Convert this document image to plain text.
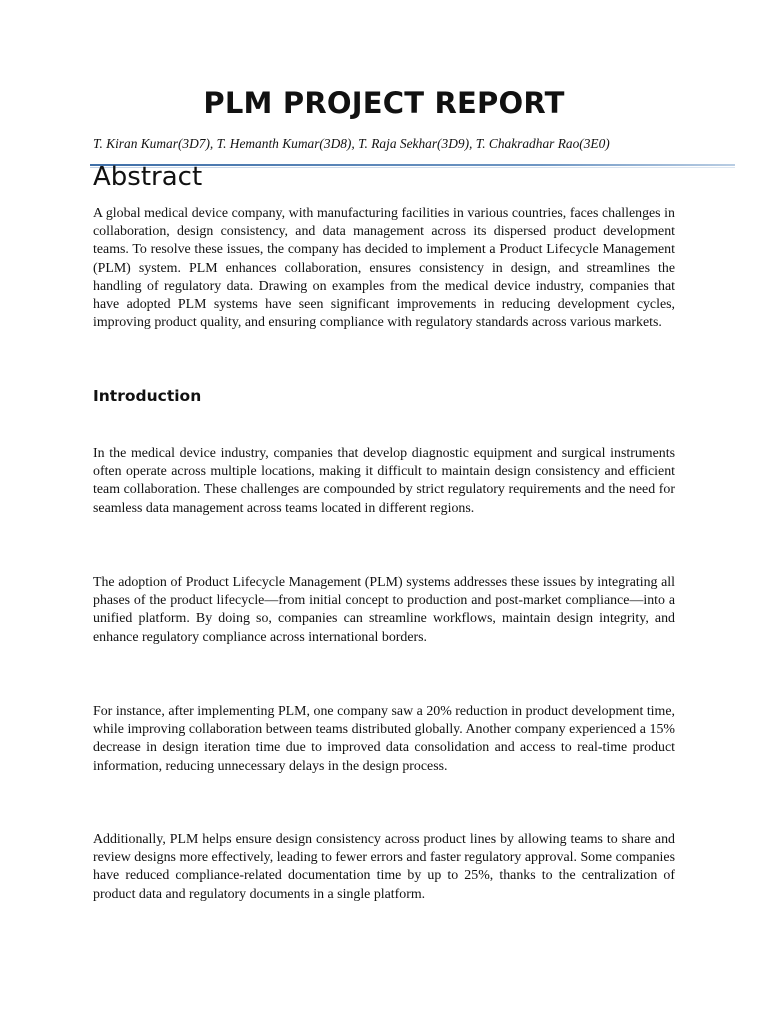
PLM PROJECT REPORT

T. Kiran Kumar(3D7), T. Hemanth Kumar(3D8), T. Raja Sekhar(3D9), T. Chakradhar Rao(3E0)

Abstract

A global medical device company, with manufacturing facilities in various countries, faces challenges in collaboration, design consistency, and data management across its dispersed product development teams. To resolve these issues, the company has decided to implement a Product Lifecycle Management (PLM) system. PLM enhances collaboration, ensures consistency in design, and streamlines the handling of regulatory data. Drawing on examples from the medical device industry, companies that have adopted PLM systems have seen significant improvements in reducing development cycles, improving product quality, and ensuring compliance with regulatory standards across various markets.

Introduction

In the medical device industry, companies that develop diagnostic equipment and surgical instruments often operate across multiple locations, making it difficult to maintain design consistency and efficient team collaboration. These challenges are compounded by strict regulatory requirements and the need for seamless data management across teams located in different regions.

The adoption of Product Lifecycle Management (PLM) systems addresses these issues by integrating all phases of the product lifecycle—from initial concept to production and post-market compliance—into a unified platform. By doing so, companies can streamline workflows, maintain design integrity, and enhance regulatory compliance across international borders.

For instance, after implementing PLM, one company saw a 20% reduction in product development time, while improving collaboration between teams distributed globally. Another company experienced a 15% decrease in design iteration time due to improved data consolidation and access to real-time product information, reducing unnecessary delays in the design process.

Additionally, PLM helps ensure design consistency across product lines by allowing teams to share and review designs more effectively, leading to fewer errors and faster regulatory approval. Some companies have reduced compliance-related documentation time by up to 25%, thanks to the centralization of product data and regulatory documents in a single platform.
